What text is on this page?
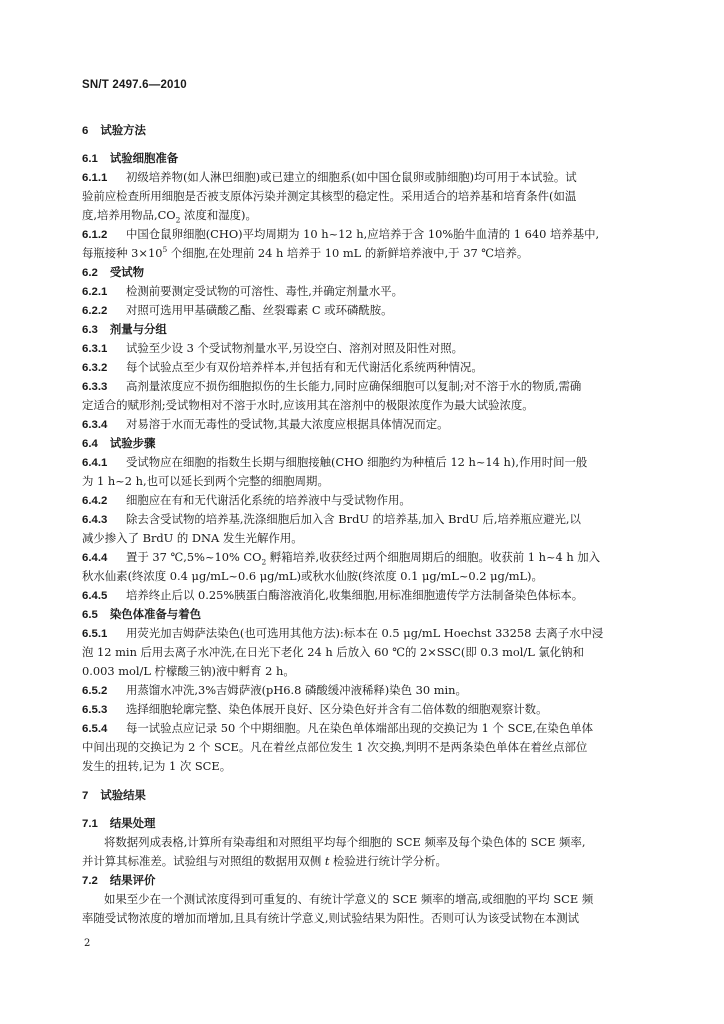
SN/T 2497.6—2010
6 试验方法
6.1 试验细胞准备
6.1.1 初级培养物(如人淋巴细胞)或已建立的细胞系(如中国仓鼠卵或肺细胞)均可用于本试验。试
验前应检查所用细胞是否被支原体污染并测定其核型的稳定性。采用适合的培养基和培育条件(如温
度,培养用物品$,CO_2$ 浓度和湿度)。
6.1.2 中国仓鼠卵细胞(CHO)平均周期为 10 h~12 h,应培养于含 10%胎牛血清的 1 640 培养基中,
每瓶接种 $3\times 10^5$ 个细胞,在处理前 24 h 培养于 10 mL 的新鲜培养液中,于 37 ℃培养。
6.2 受试物
6.2.1 检测前要测定受试物的可溶性、毒性,并确定剂量水平。
6.2.2 对照可选用甲基磺酸乙酯、丝裂霉素 C 或环磷酰胺。
6.3 剂量与分组
6.3.1 试验至少设 3 个受试物剂量水平,另设空白、溶剂对照及阳性对照。
6.3.2 每个试验点至少有双份培养样本,并包括有和无代谢活化系统两种情况。
6.3.3 高剂量浓度应不损伤细胞拟伤的生长能力,同时应确保细胞可以复制;对不溶于水的物质,需确
定适合的赋形剂;受试物相对不溶于水时,应该用其在溶剂中的极限浓度作为最大试验浓度。
6.3.4 对易溶于水而无毒性的受试物,其最大浓度应根据具体情况而定。
6.4 试验步骤
6.4.1 受试物应在细胞的指数生长期与细胞接触(CHO 细胞约为种植后 12 h~14 h),作用时间一般
为 1 h~2 h,也可以延长到两个完整的细胞周期。
6.4.2 细胞应在有和无代谢活化系统的培养液中与受试物作用。
6.4.3 除去含受试物的培养基,洗涤细胞后加入含 BrdU 的培养基,加入 BrdU 后,培养瓶应避光,以
减少掺入了 BrdU 的 DNA 发生光解作用。
6.4.4 置于 37 ℃,5%~10% $CO_2$ 孵箱培养,收获经过两个细胞周期后的细胞。收获前 1 h~4 h 加入
秋水仙素(终浓度 0.4 μg/mL~0.6 μg/mL)或秋水仙胺(终浓度 0.1 μg/mL~0.2 μg/mL)。
6.4.5 培养终止后以 0.25%胰蛋白酶溶液消化,收集细胞,用标准细胞遗传学方法制备染色体标本。
6.5 染色体准备与着色
6.5.1 用荧光加吉姆萨法染色(也可选用其他方法):标本在 0.5 μg/mL Hoechst 33258 去离子水中浸
泡 12 min 后用去离子水冲洗,在日光下老化 24 h 后放入 60 ℃的 2×SSC(即 0.3 mol/L 氯化钠和
0.003 mol/L 柠檬酸三钠)液中孵育 2 h。
6.5.2 用蒸馏水冲洗,3%吉姆萨液(pH6.8 磷酸缓冲液稀释)染色 30 min。
6.5.3 选择细胞轮廓完整、染色体展开良好、区分染色好并含有二倍体数的细胞观察计数。
6.5.4 每一试验点应记录 50 个中期细胞。凡在染色单体端部出现的交换记为 1 个 SCE,在染色单体
中间出现的交换记为 2 个 SCE。凡在着丝点部位发生 1 次交换,判明不是两条染色单体在着丝点部位
发生的扭转,记为 1 次 SCE。
7 试验结果
7.1 结果处理
将数据列成表格,计算所有染毒组和对照组平均每个细胞的 SCE 频率及每个染色体的 SCE 频率,
并计算其标准差。试验组与对照组的数据用双侧 t 检验进行统计学分析。
7.2 结果评价
如果至少在一个测试浓度得到可重复的、有统计学意义的 SCE 频率的增高,或细胞的平均 SCE 频
率随受试物浓度的增加而增加,且具有统计学意义,则试验结果为阳性。否则可认为该受试物在本测试
2
